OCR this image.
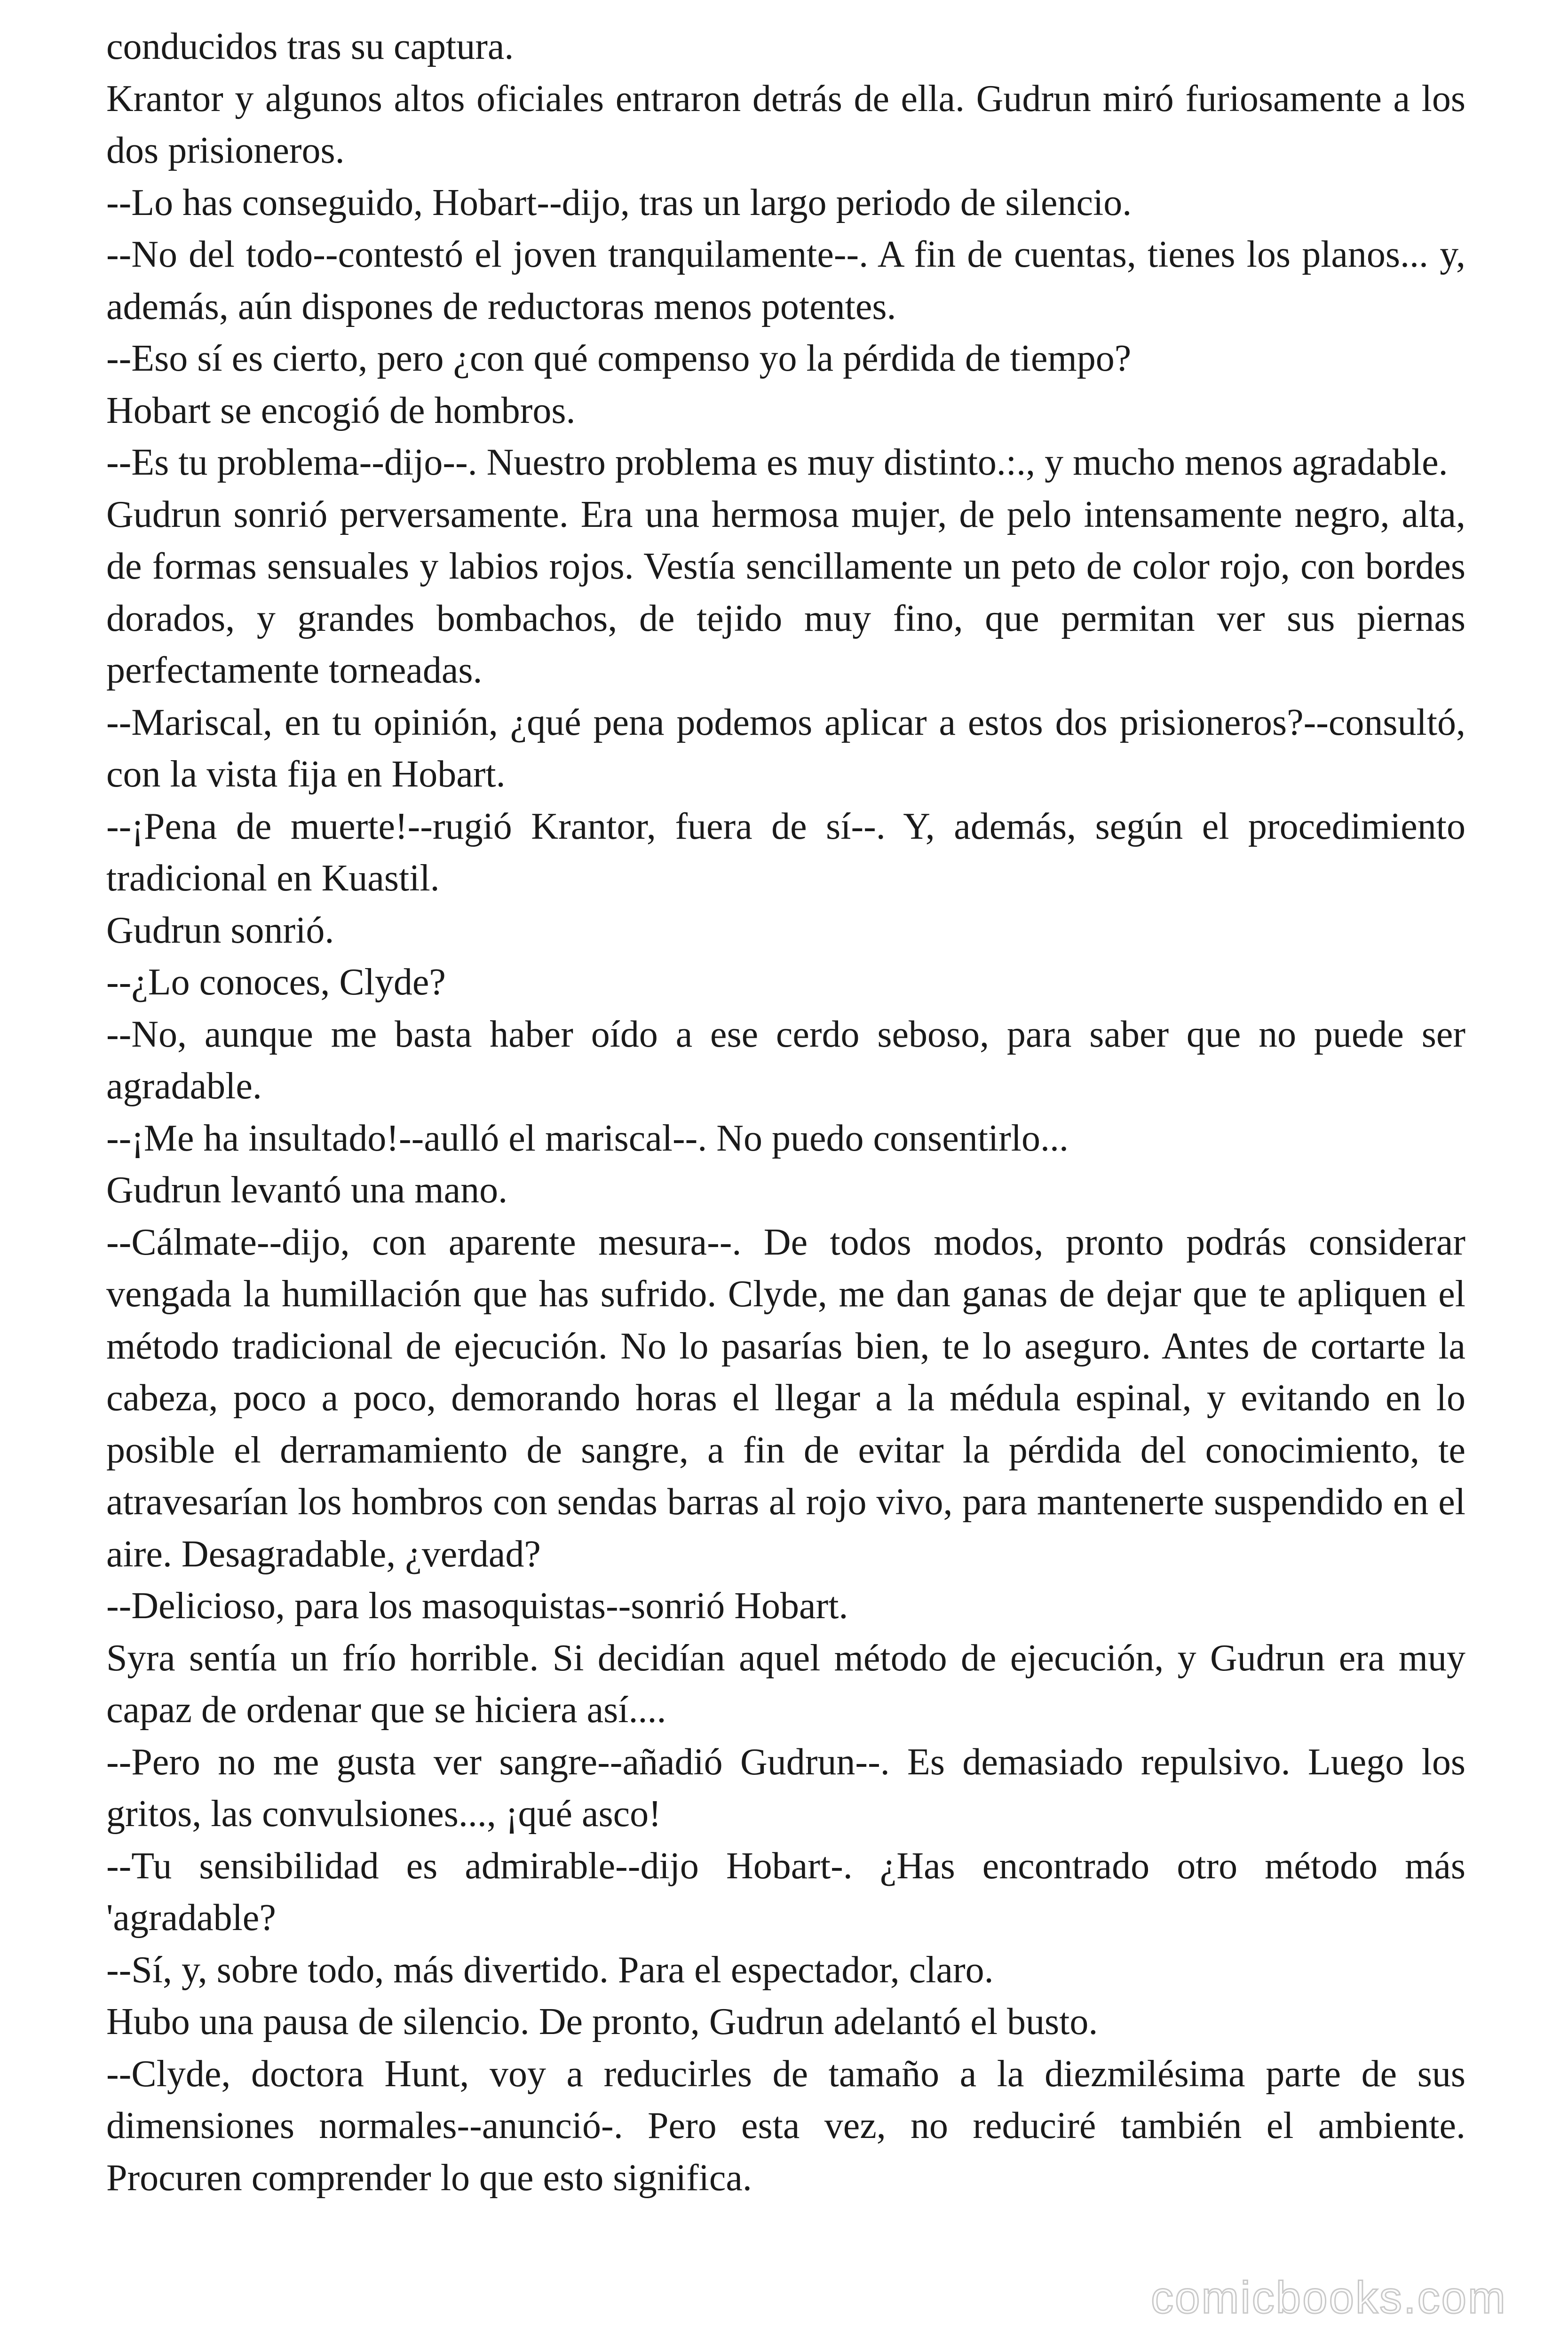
conducidos tras su captura.

Krantor y algunos altos oficiales entraron detrás de ella. Gudrun miró furiosamente a los dos prisioneros.

--Lo has conseguido, Hobart--dijo, tras un largo periodo de silencio.

--No del todo--contestó el joven tranquilamente--. A fin de cuentas, tienes los planos... y, además, aún dispones de reductoras menos potentes.

--Eso sí es cierto, pero ¿con qué compenso yo la pérdida de tiempo?

Hobart se encogió de hombros.

--Es tu problema--dijo--. Nuestro problema es muy distinto.:., y mucho menos agradable.

Gudrun sonrió perversamente. Era una hermosa mujer, de pelo intensamente negro, alta, de formas sensuales y labios rojos. Vestía sencillamente un peto de color rojo, con bordes dorados, y grandes bombachos, de tejido muy fino, que permitan ver sus piernas perfectamente torneadas.

--Mariscal, en tu opinión, ¿qué pena podemos aplicar a estos dos prisioneros?--consultó, con la vista fija en Hobart.

--¡Pena de muerte!--rugió Krantor, fuera de sí--. Y, además, según el procedimiento tradicional en Kuastil.

Gudrun sonrió.

--¿Lo conoces, Clyde?

--No, aunque me basta haber oído a ese cerdo seboso, para saber que no puede ser agradable.

--¡Me ha insultado!--aulló el mariscal--. No puedo consentirlo...

Gudrun levantó una mano.

--Cálmate--dijo, con aparente mesura--. De todos modos, pronto podrás considerar vengada la humillación que has sufrido. Clyde, me dan ganas de dejar que te apliquen el método tradicional de ejecución. No lo pasarías bien, te lo aseguro. Antes de cortarte la cabeza, poco a poco, demorando horas el llegar a la médula espinal, y evitando en lo posible el derramamiento de sangre, a fin de evitar la pérdida del conocimiento, te atravesarían los hombros con sendas barras al rojo vivo, para mantenerte suspendido en el aire. Desagradable, ¿verdad?

--Delicioso, para los masoquistas--sonrió Hobart.

Syra sentía un frío horrible. Si decidían aquel método de ejecución, y Gudrun era muy capaz de ordenar que se hiciera así....

--Pero no me gusta ver sangre--añadió Gudrun--. Es demasiado repulsivo. Luego los gritos, las convulsiones..., ¡qué asco!

--Tu sensibilidad es admirable--dijo Hobart-. ¿Has encontrado otro método más 'agradable?

--Sí, y, sobre todo, más divertido. Para el espectador, claro.

Hubo una pausa de silencio. De pronto, Gudrun adelantó el busto.

--Clyde, doctora Hunt, voy a reducirles de tamaño a la diezmilésima parte de sus dimensiones normales--anunció-. Pero esta vez, no reduciré también el ambiente. Procuren comprender lo que esto significa.

comicbooks.com
